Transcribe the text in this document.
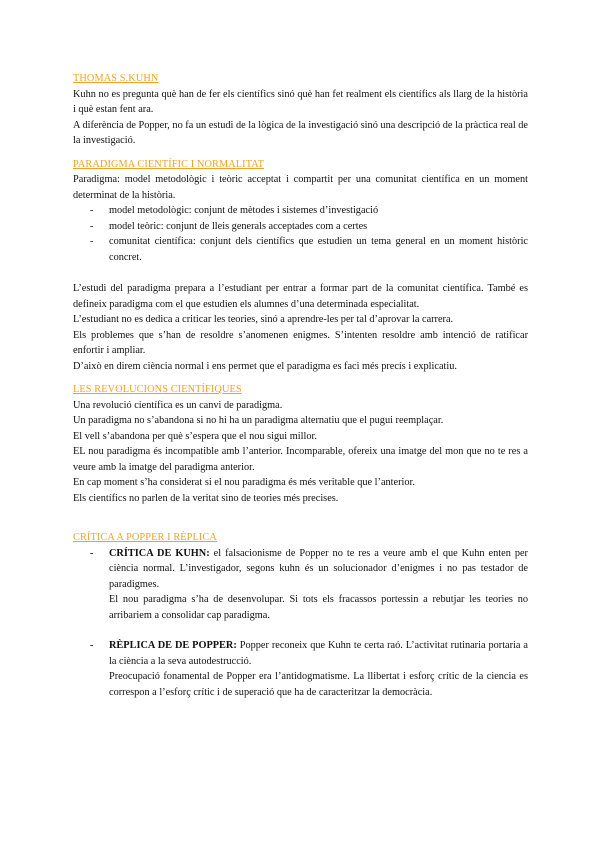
THOMAS S.KUHN

Kuhn no es pregunta què han de fer els científics sinó què han fet realment els científics als llarg de la història i què estan fent ara.

A diferència de Popper, no fa un estudi de la lògica de la investigació sinó una descripció de la pràctica real de la investigació.

PARADIGMA CIENTÍFIC I NORMALITAT

Paradigma: model metodològic i teòric acceptat i compartit per una comunitat científica en un moment determinat de la història.

- model metodològic: conjunt de mètodes i sistemes d’investigació
- model teòric: conjunt de lleis generals acceptades com a certes
- comunitat científica: conjunt dels científics que estudien un tema general en un moment històric concret.

L’estudi del paradigma prepara a l’estudiant per entrar a formar part de la comunitat científica. També es defineix paradigma com el que estudien els alumnes d’una determinada especialitat.

L’estudiant no es dedica a criticar les teories, sinó a aprendre-les per tal d’aprovar la carrera.

Els problemes que s’han de resoldre s’anomenen enigmes. S’intenten resoldre amb intenció de ratificar enfortir i ampliar.

D’això en direm ciència normal i ens permet que el paradigma es faci més precís i explicatiu.

LES REVOLUCIONS CIENTÍFIQUES

Una revolució científica es un canvi de paradigma.

Un paradigma no s’abandona si no hi ha un paradigma alternatiu que el pugui reemplaçar.

El vell s’abandona per què s’espera que el nou sigui millor.

EL nou paradigma és incompatible amb l’anterior. Incomparable, ofereix una imatge del mon que no te res a veure amb la imatge del paradigma anterior.

En cap moment s’ha considerat si el nou paradigma és més veritable que l’anterior.

Els científics no parlen de la veritat sino de teories més precises.

CRÍTICA A POPPER I RÈPLICA
- CRÍTICA DE KUHN: el falsacionisme de Popper no te res a veure amb el que Kuhn enten per ciència normal. L’investigador, segons kuhn és un solucionador d’enigmes i no pas testador de paradigmes.

El nou paradigma s’ha de desenvolupar. Si tots els fracassos portessin a rebutjar les teories no arribariem a consolidar cap paradigma.

- RÈPLICA DE DE POPPER: Popper reconeix que Kuhn te certa raó. L’activitat rutinaria portaria a la ciència a la seva autodestrucció.

Preocupació fonamental de Popper era l’antidogmatisme. La llibertat i esforç crític de la ciencia es correspon a l’esforç crític i de superació que ha de caracteritzar la democràcia.
